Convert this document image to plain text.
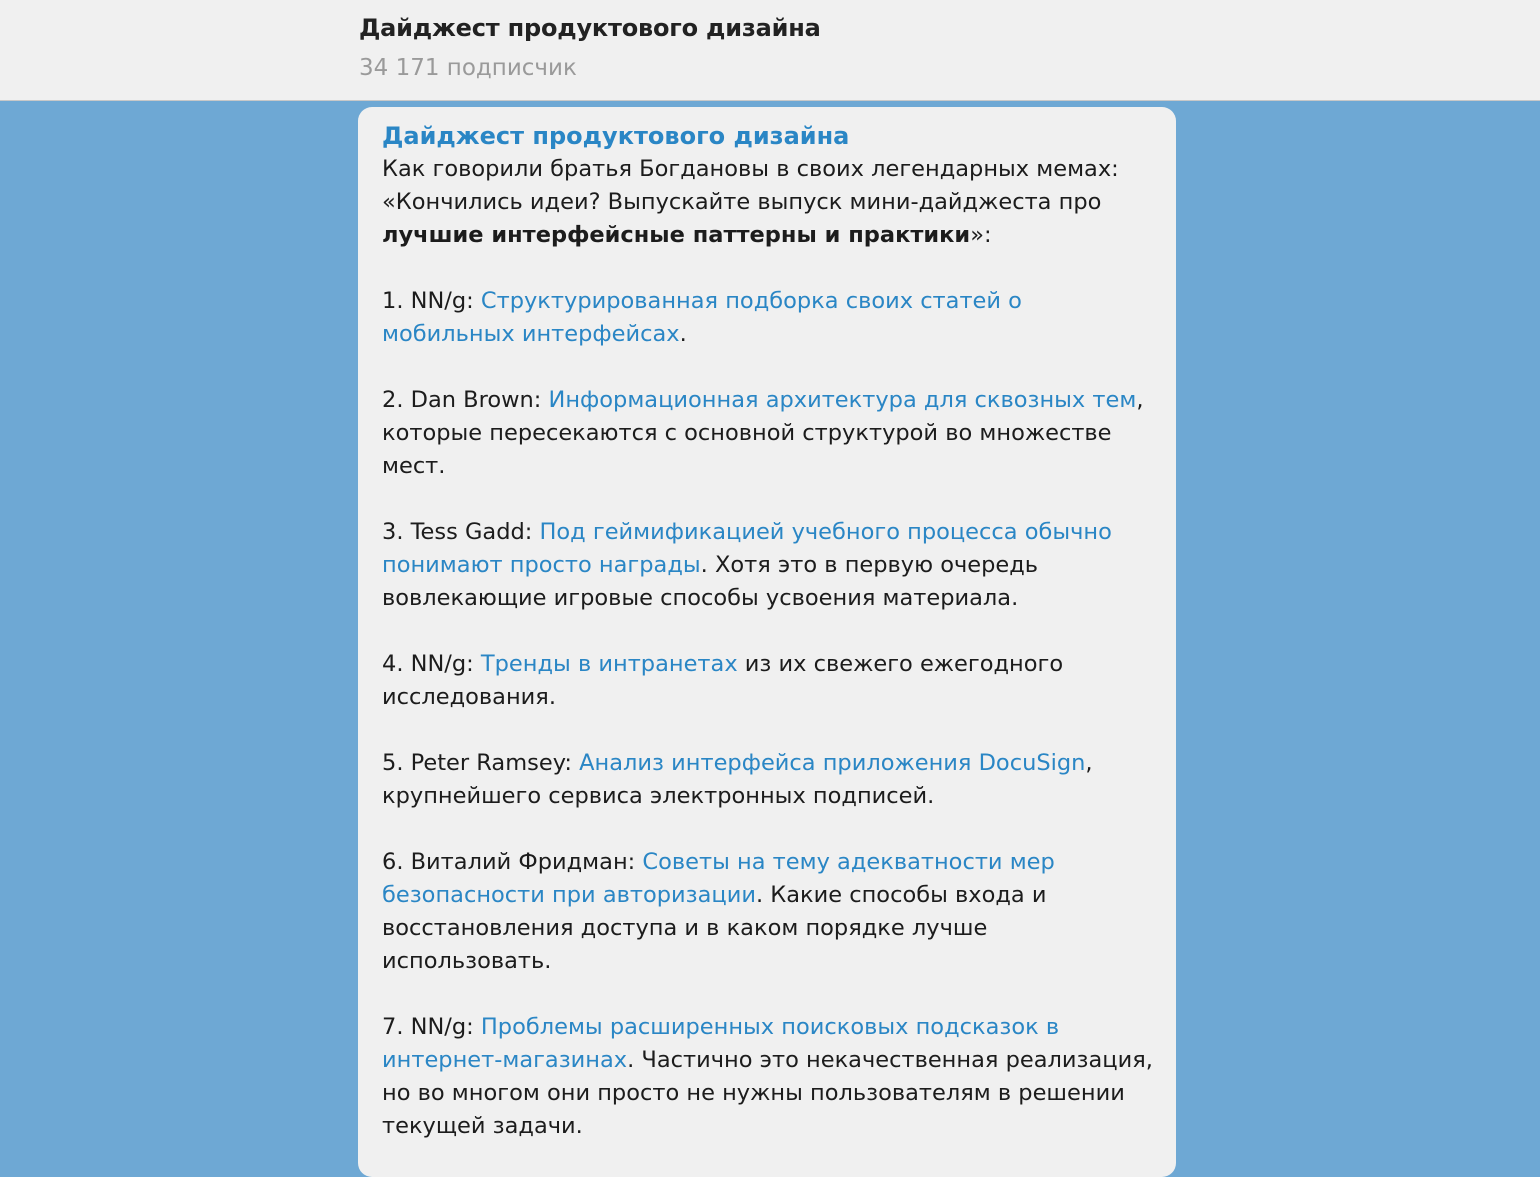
Дайджест продуктового дизайна
34 171 подписчик
Дайджест продуктового дизайна

Как говорили братья Богдановы в своих легендарных мемах: «Кончились идеи? Выпускайте выпуск мини-дайджеста про лучшие интерфейсные паттерны и практики»:

1. NN/g: Структурированная подборка своих статей о мобильных интерфейсах.

2. Dan Brown: Информационная архитектура для сквозных тем, которые пересекаются с основной структурой во множестве мест.

3. Tess Gadd: Под геймификацией учебного процесса обычно понимают просто награды. Хотя это в первую очередь вовлекающие игровые способы усвоения материала.

4. NN/g: Тренды в интранетах из их свежего ежегодного исследования.

5. Peter Ramsey: Анализ интерфейса приложения DocuSign, крупнейшего сервиса электронных подписей.

6. Виталий Фридман: Советы на тему адекватности мер безопасности при авторизации. Какие способы входа и восстановления доступа и в каком порядке лучше использовать.

7. NN/g: Проблемы расширенных поисковых подсказок в интернет-магазинах. Частично это некачественная реализация, но во многом они просто не нужны пользователям в решении текущей задачи.
